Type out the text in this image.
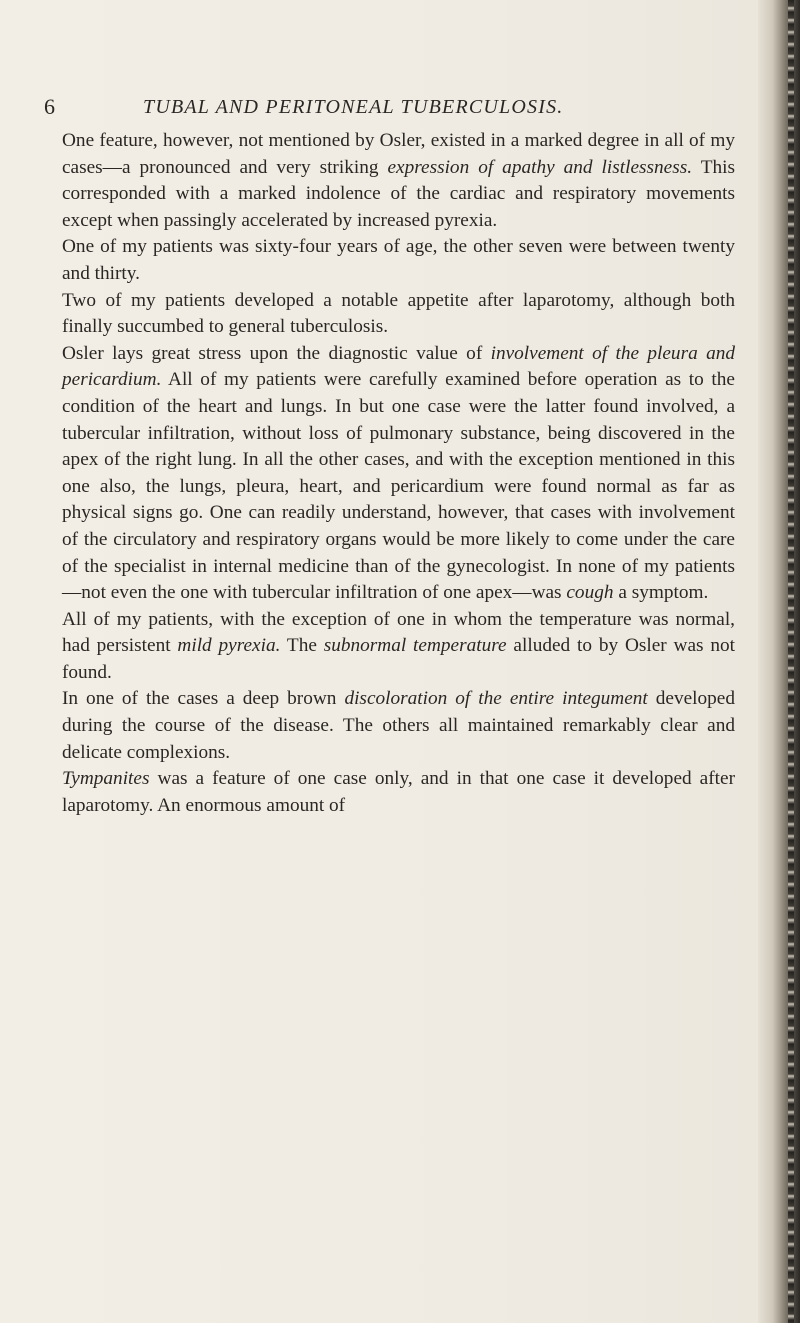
6	TUBAL AND PERITONEAL TUBERCULOSIS.

One feature, however, not mentioned by Osler, existed in a marked degree in all of my cases—a pronounced and very striking expression of apathy and listlessness. This corresponded with a marked indolence of the cardiac and respiratory movements except when passingly accelerated by increased pyrexia.

One of my patients was sixty-four years of age, the other seven were between twenty and thirty.

Two of my patients developed a notable appetite after laparotomy, although both finally succumbed to general tuberculosis.

Osler lays great stress upon the diagnostic value of involvement of the pleura and pericardium. All of my patients were carefully examined before operation as to the condition of the heart and lungs. In but one case were the latter found involved, a tubercular infiltration, without loss of pulmonary substance, being discovered in the apex of the right lung. In all the other cases, and with the exception mentioned in this one also, the lungs, pleura, heart, and pericardium were found normal as far as physical signs go. One can readily understand, however, that cases with involvement of the circulatory and respiratory organs would be more likely to come under the care of the specialist in internal medicine than of the gynecologist. In none of my patients—not even the one with tubercular infiltration of one apex—was cough a symptom.

All of my patients, with the exception of one in whom the temperature was normal, had persistent mild pyrexia. The subnormal temperature alluded to by Osler was not found.

In one of the cases a deep brown discoloration of the entire integument developed during the course of the disease. The others all maintained remarkably clear and delicate complexions.

Tympanites was a feature of one case only, and in that one case it developed after laparotomy. An enormous amount of
